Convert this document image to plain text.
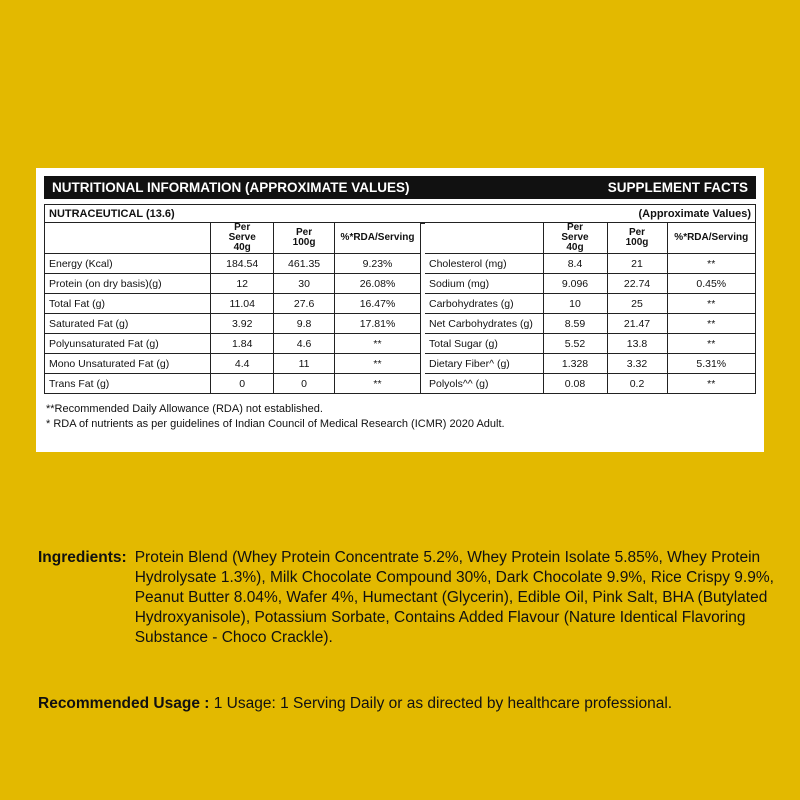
NUTRITIONAL INFORMATION (APPROXIMATE VALUES)	SUPPLEMENT FACTS
NUTRACEUTICAL (13.6)	(Approximate Values)

	Per Serve 40g	Per 100g	%*RDA/Serving
Energy (Kcal)	184.54	461.35	9.23%
Protein (on dry basis)(g)	12	30	26.08%
Total Fat (g)	11.04	27.6	16.47%
Saturated Fat (g)	3.92	9.8	17.81%
Polyunsaturated Fat (g)	1.84	4.6	**
Mono Unsaturated Fat (g)	4.4	11	**
Trans Fat (g)	0	0	**

	Per Serve 40g	Per 100g	%*RDA/Serving
Cholesterol (mg)	8.4	21	**
Sodium (mg)	9.096	22.74	0.45%
Carbohydrates (g)	10	25	**
Net Carbohydrates (g)	8.59	21.47	**
Total Sugar (g)	5.52	13.8	**
Dietary Fiber^ (g)	1.328	3.32	5.31%
Polyols^^ (g)	0.08	0.2	**
**Recommended Daily Allowance (RDA) not established.
* RDA of nutrients as per guidelines of Indian Council of Medical Research (ICMR) 2020 Adult.
Ingredients: Protein Blend (Whey Protein Concentrate 5.2%, Whey Protein Isolate 5.85%, Whey Protein Hydrolysate 1.3%), Milk Chocolate Compound 30%, Dark Chocolate 9.9%, Rice Crispy 9.9%, Peanut Butter 8.04%, Wafer 4%, Humectant (Glycerin), Edible Oil, Pink Salt, BHA (Butylated Hydroxyanisole), Potassium Sorbate, Contains Added Flavour (Nature Identical Flavoring Substance - Choco Crackle).
Recommended Usage : 1 Usage: 1 Serving Daily or as directed by healthcare professional.
